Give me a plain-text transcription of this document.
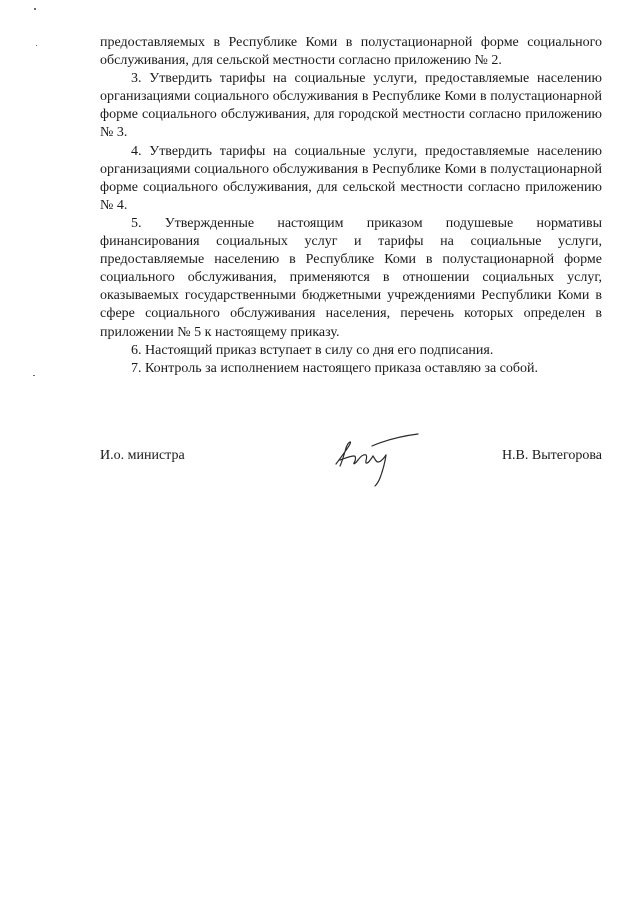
предоставляемых в Республике Коми в полустационарной форме социального обслуживания, для сельской местности согласно приложению № 2.

3. Утвердить тарифы на социальные услуги, предоставляемые населению организациями социального обслуживания в Республике Коми в полустационарной форме социального обслуживания, для городской местности согласно приложению № 3.

4. Утвердить тарифы на социальные услуги, предоставляемые населению организациями социального обслуживания в Республике Коми в полустационарной форме социального обслуживания, для сельской местности согласно приложению № 4.

5. Утвержденные настоящим приказом подушевые нормативы финансирования социальных услуг и тарифы на социальные услуги, предоставляемые населению в Республике Коми в полустационарной форме социального обслуживания, применяются в отношении социальных услуг, оказываемых государственными бюджетными учреждениями Республики Коми в сфере социального обслуживания населения, перечень которых определен в приложении № 5 к настоящему приказу.

6. Настоящий приказ вступает в силу со дня его подписания.

7. Контроль за исполнением настоящего приказа оставляю за собой.

И.о. министра	Н.В. Вытегорова
